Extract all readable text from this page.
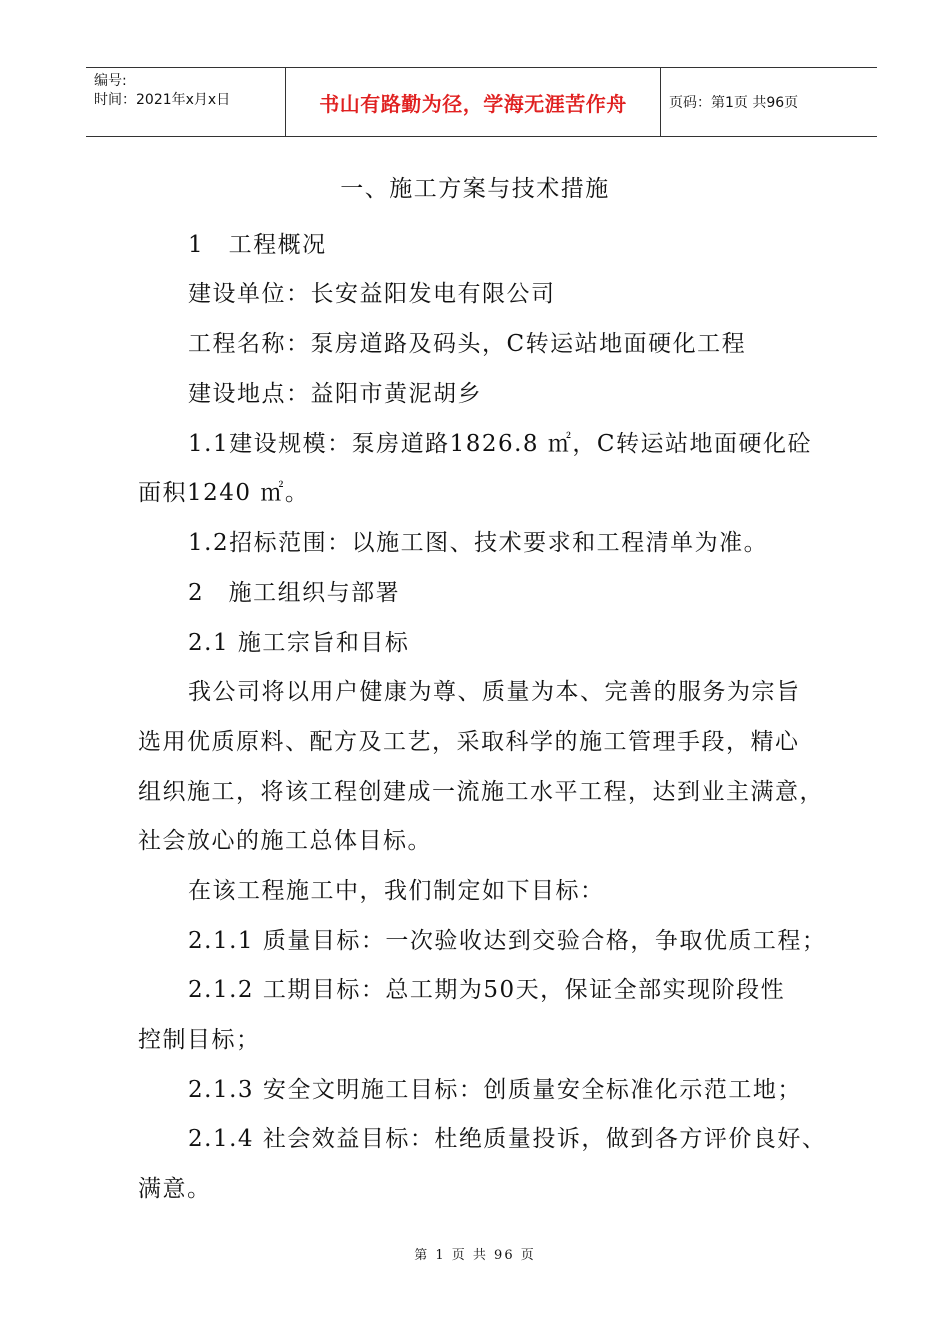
编号:
时间：2021年x月x日	书山有路勤为径，学海无涯苦作舟	页码：第1页 共96页
一、施工方案与技术措施
1　工程概况
建设单位：长安益阳发电有限公司
工程名称：泵房道路及码头，C转运站地面硬化工程
建设地点：益阳市黄泥胡乡
1.1建设规模：泵房道路1826.8 ㎡，C转运站地面硬化砼
面积1240 ㎡。
1.2招标范围：以施工图、技术要求和工程清单为准。
2　施工组织与部署
2.1 施工宗旨和目标
我公司将以用户健康为尊、质量为本、完善的服务为宗旨
选用优质原料、配方及工艺，采取科学的施工管理手段，精心
组织施工，将该工程创建成一流施工水平工程，达到业主满意，
社会放心的施工总体目标。
在该工程施工中，我们制定如下目标：
2.1.1 质量目标：一次验收达到交验合格，争取优质工程；
2.1.2 工期目标：总工期为50天，保证全部实现阶段性
控制目标；
2.1.3 安全文明施工目标：创质量安全标准化示范工地；
2.1.4 社会效益目标：杜绝质量投诉，做到各方评价良好、
满意。
第 1 页 共 96 页
